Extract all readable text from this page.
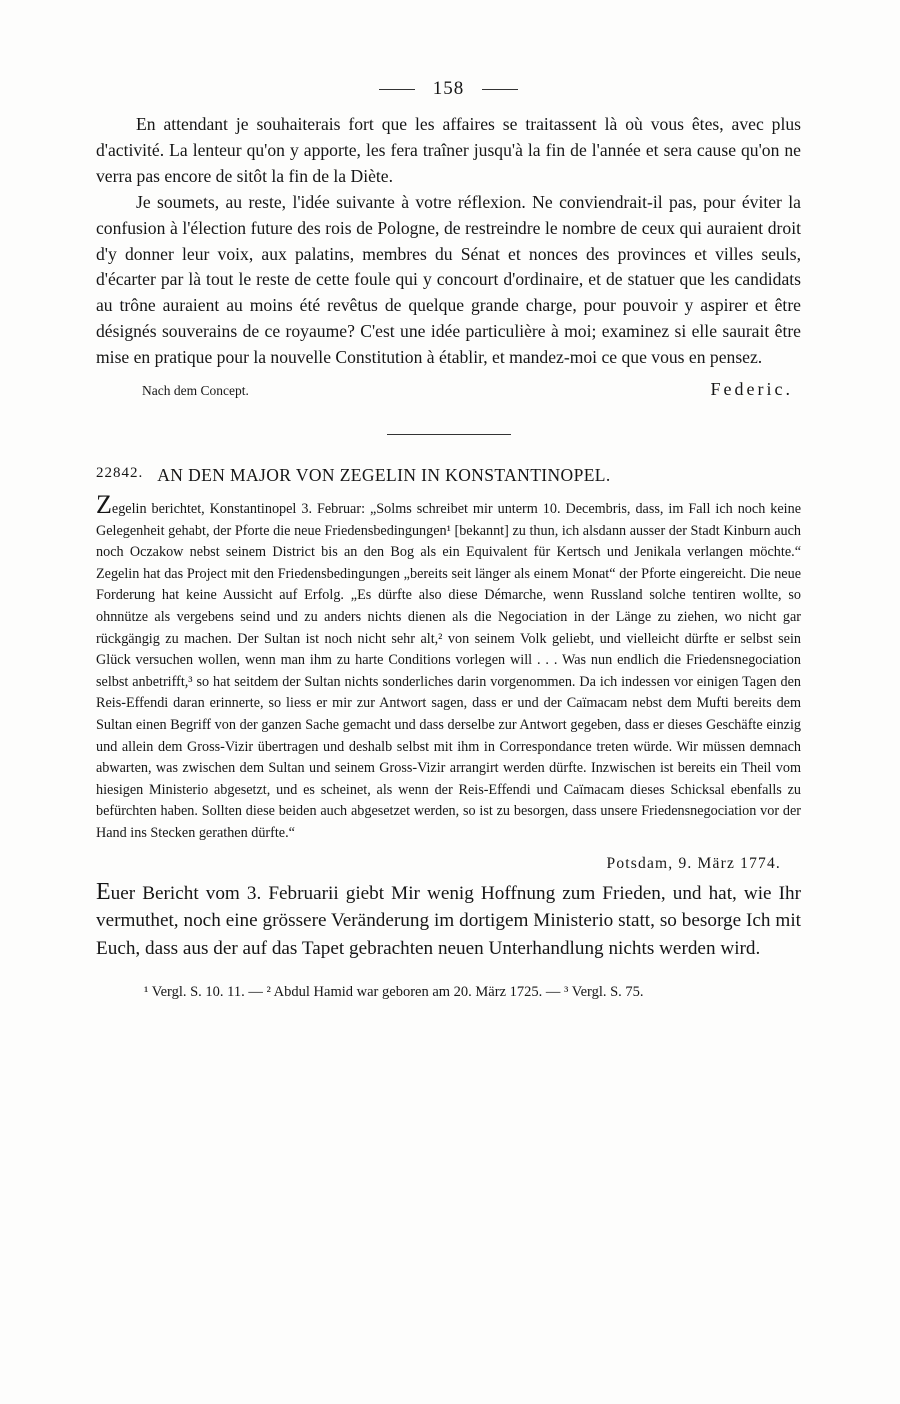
158

En attendant je souhaiterais fort que les affaires se traitassent là où vous êtes, avec plus d'activité. La lenteur qu'on y apporte, les fera traîner jusqu'à la fin de l'année et sera cause qu'on ne verra pas encore de sitôt la fin de la Diète.

Je soumets, au reste, l'idée suivante à votre réflexion. Ne conviendrait-il pas, pour éviter la confusion à l'élection future des rois de Pologne, de restreindre le nombre de ceux qui auraient droit d'y donner leur voix, aux palatins, membres du Sénat et nonces des provinces et villes seuls, d'écarter par là tout le reste de cette foule qui y concourt d'ordinaire, et de statuer que les candidats au trône auraient au moins été revêtus de quelque grande charge, pour pouvoir y aspirer et être désignés souverains de ce royaume? C'est une idée particulière à moi; examinez si elle saurait être mise en pratique pour la nouvelle Constitution à établir, et mandez-moi ce que vous en pensez.

Nach dem Concept.	Federic.
22842. AN DEN MAJOR VON ZEGELIN IN KONSTANTINOPEL.

Zegelin berichtet, Konstantinopel 3. Februar: „Solms schreibet mir unterm 10. Decembris, dass, im Fall ich noch keine Gelegenheit gehabt, der Pforte die neue Friedensbedingungen¹ [bekannt] zu thun, ich alsdann ausser der Stadt Kinburn auch noch Oczakow nebst seinem District bis an den Bog als ein Equivalent für Kertsch und Jenikala verlangen möchte.“ Zegelin hat das Project mit den Friedensbedingungen „bereits seit länger als einem Monat“ der Pforte eingereicht. Die neue Forderung hat keine Aussicht auf Erfolg. „Es dürfte also diese Démarche, wenn Russland solche tentiren wollte, so ohnnütze als vergebens seind und zu anders nichts dienen als die Negociation in der Länge zu ziehen, wo nicht gar rückgängig zu machen. Der Sultan ist noch nicht sehr alt,² von seinem Volk geliebt, und vielleicht dürfte er selbst sein Glück versuchen wollen, wenn man ihm zu harte Conditions vorlegen will . . . Was nun endlich die Friedensnegociation selbst anbetrifft,³ so hat seitdem der Sultan nichts sonderliches darin vorgenommen. Da ich indessen vor einigen Tagen den Reis-Effendi daran erinnerte, so liess er mir zur Antwort sagen, dass er und der Caïmacam nebst dem Mufti bereits dem Sultan einen Begriff von der ganzen Sache gemacht und dass derselbe zur Antwort gegeben, dass er dieses Geschäfte einzig und allein dem Gross-Vizir übertragen und deshalb selbst mit ihm in Correspondance treten würde. Wir müssen demnach abwarten, was zwischen dem Sultan und seinem Gross-Vizir arrangirt werden dürfte. Inzwischen ist bereits ein Theil vom hiesigen Ministerio abgesetzt, und es scheinet, als wenn der Reis-Effendi und Caïmacam dieses Schicksal ebenfalls zu befürchten haben. Sollten diese beiden auch abgesetzet werden, so ist zu besorgen, dass unsere Friedensnegociation vor der Hand ins Stecken gerathen dürfte.“

Potsdam, 9. März 1774.

Euer Bericht vom 3. Februarii giebt Mir wenig Hoffnung zum Frieden, und hat, wie Ihr vermuthet, noch eine grössere Veränderung im dortigem Ministerio statt, so besorge Ich mit Euch, dass aus der auf das Tapet gebrachten neuen Unterhandlung nichts werden wird.

¹ Vergl. S. 10. 11. — ² Abdul Hamid war geboren am 20. März 1725. — ³ Vergl. S. 75.
